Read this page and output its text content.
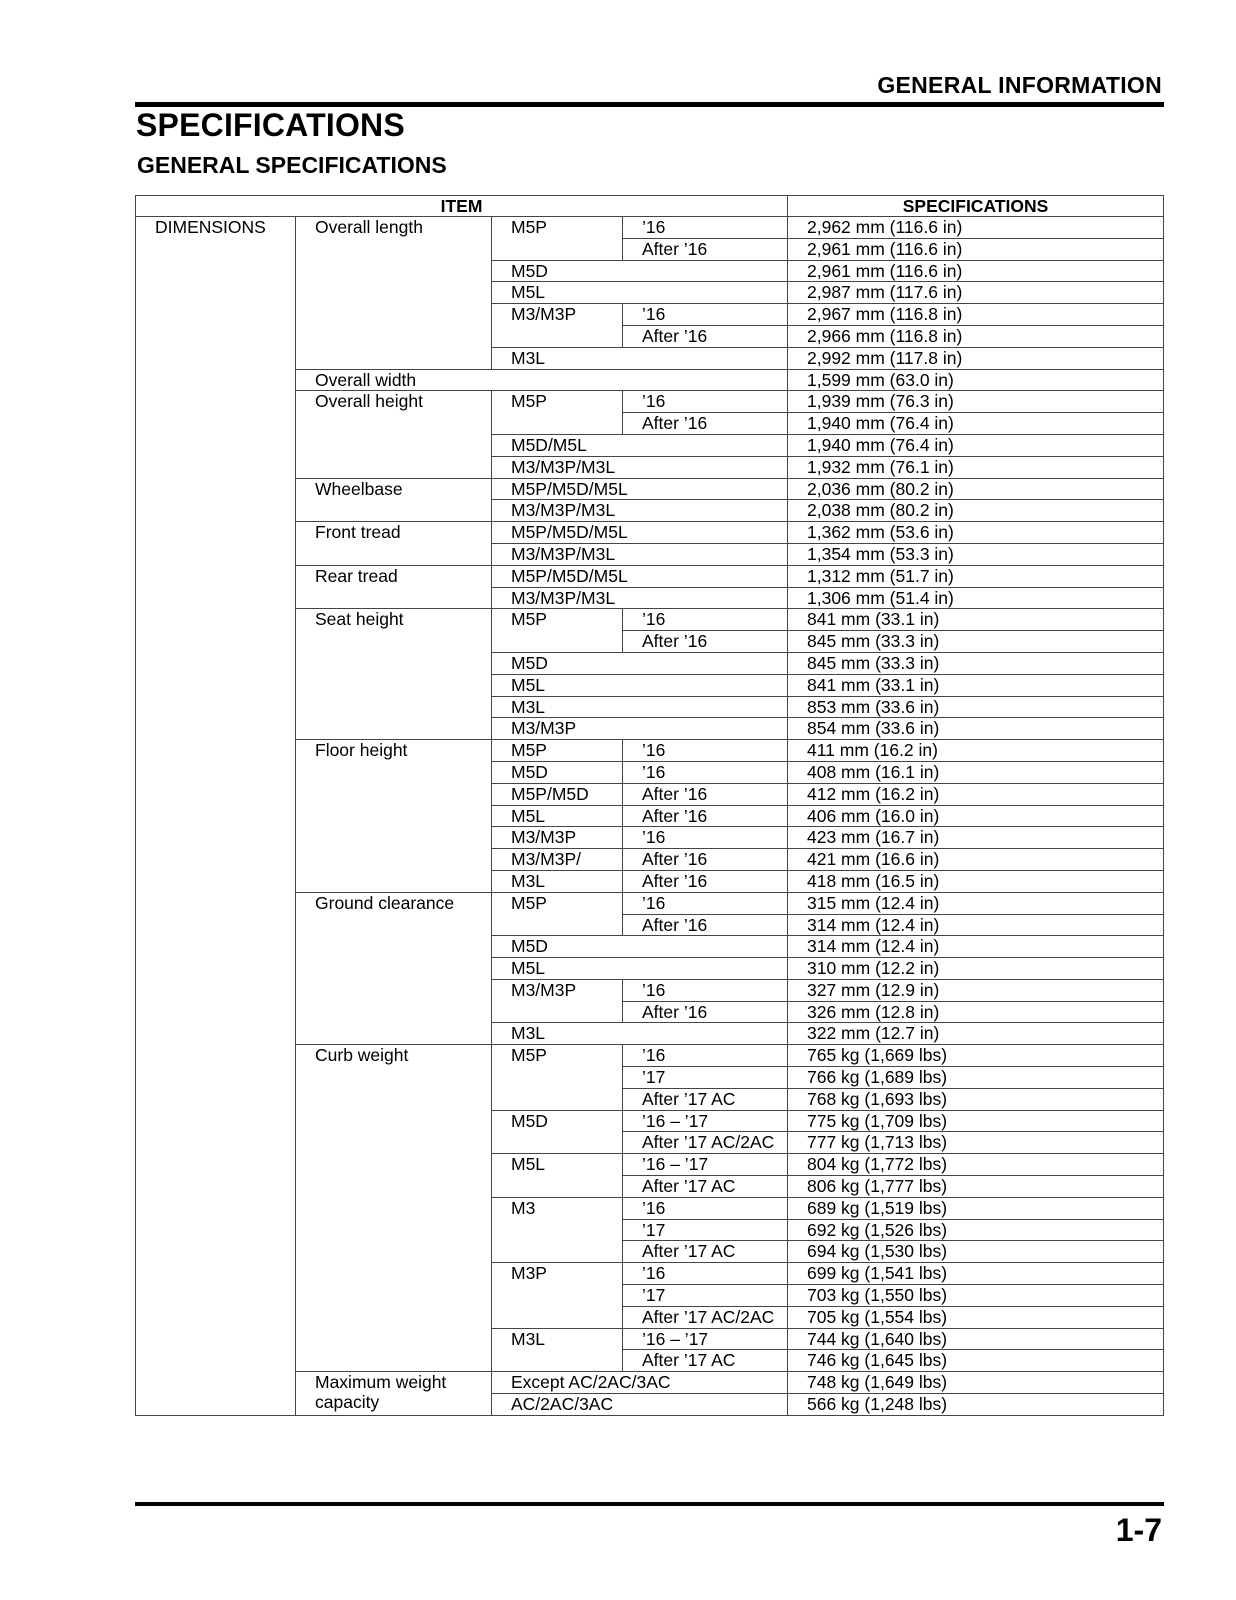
GENERAL INFORMATION
SPECIFICATIONS
GENERAL SPECIFICATIONS
ITEM				SPECIFICATIONS
DIMENSIONS	Overall length	M5P	’16	2,962 mm (116.6 in)
			After ’16	2,961 mm (116.6 in)
		M5D		2,961 mm (116.6 in)
		M5L		2,987 mm (117.6 in)
		M3/M3P	’16	2,967 mm (116.8 in)
			After ’16	2,966 mm (116.8 in)
		M3L		2,992 mm (117.8 in)
	Overall width			1,599 mm (63.0 in)
	Overall height	M5P	’16	1,939 mm (76.3 in)
			After ’16	1,940 mm (76.4 in)
		M5D/M5L		1,940 mm (76.4 in)
		M3/M3P/M3L		1,932 mm (76.1 in)
	Wheelbase	M5P/M5D/M5L		2,036 mm (80.2 in)
		M3/M3P/M3L		2,038 mm (80.2 in)
	Front tread	M5P/M5D/M5L		1,362 mm (53.6 in)
		M3/M3P/M3L		1,354 mm (53.3 in)
	Rear tread	M5P/M5D/M5L		1,312 mm (51.7 in)
		M3/M3P/M3L		1,306 mm (51.4 in)
	Seat height	M5P	’16	841 mm (33.1 in)
			After ’16	845 mm (33.3 in)
		M5D		845 mm (33.3 in)
		M5L		841 mm (33.1 in)
		M3L		853 mm (33.6 in)
		M3/M3P		854 mm (33.6 in)
	Floor height	M5P	’16	411 mm (16.2 in)
		M5D	’16	408 mm (16.1 in)
		M5P/M5D	After ’16	412 mm (16.2 in)
		M5L	After ’16	406 mm (16.0 in)
		M3/M3P	’16	423 mm (16.7 in)
		M3/M3P/	After ’16	421 mm (16.6 in)
		M3L	After ’16	418 mm (16.5 in)
	Ground clearance	M5P	’16	315 mm (12.4 in)
			After ’16	314 mm (12.4 in)
		M5D		314 mm (12.4 in)
		M5L		310 mm (12.2 in)
		M3/M3P	’16	327 mm (12.9 in)
			After ’16	326 mm (12.8 in)
		M3L		322 mm (12.7 in)
	Curb weight	M5P	’16	765 kg (1,669 lbs)
			’17	766 kg (1,689 lbs)
			After ’17 AC	768 kg (1,693 lbs)
		M5D	’16 – ’17	775 kg (1,709 lbs)
			After ’17 AC/2AC	777 kg (1,713 lbs)
		M5L	’16 – ’17	804 kg (1,772 lbs)
			After ’17 AC	806 kg (1,777 lbs)
		M3	’16	689 kg (1,519 lbs)
			’17	692 kg (1,526 lbs)
			After ’17 AC	694 kg (1,530 lbs)
		M3P	’16	699 kg (1,541 lbs)
			’17	703 kg (1,550 lbs)
			After ’17 AC/2AC	705 kg (1,554 lbs)
		M3L	’16 – ’17	744 kg (1,640 lbs)
			After ’17 AC	746 kg (1,645 lbs)
	Maximum weight capacity	Except AC/2AC/3AC		748 kg (1,649 lbs)
		AC/2AC/3AC		566 kg (1,248 lbs)
1-7
